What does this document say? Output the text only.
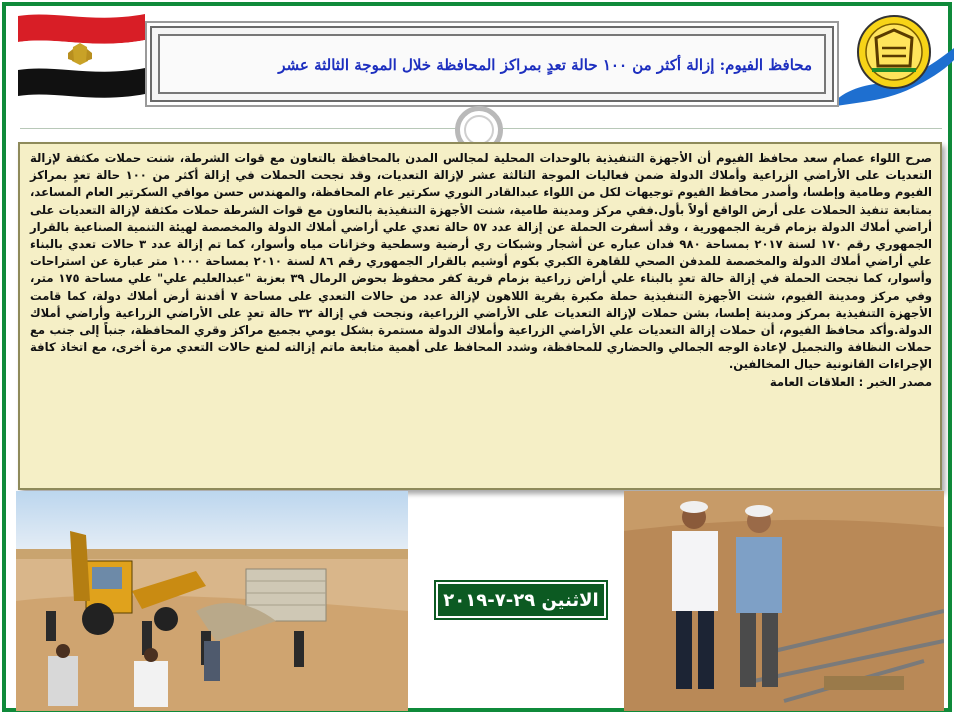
محافظ الفيوم: إزالة أكثر من ١٠٠ حالة تعدٍ بمراكز المحافظة خلال الموجة الثالثة عشر
صرح اللواء عصام سعد محافظ الفيوم أن الأجهزة التنفيذية بالوحدات المحلية لمجالس المدن بالمحافظة بالتعاون مع قوات الشرطة، شنت حملات مكثفة لإزالة التعديات على الأراضي الزراعية وأملاك الدولة ضمن فعاليات الموجة الثالثة عشر لإزالة التعديات، وقد نجحت الحملات في إزالة أكثر من ١٠٠ حالة تعدٍ بمراكز الفيوم وطامية وإطسا، وأصدر محافظ الفيوم توجيهات لكل من اللواء عبدالقادر النوري سكرتير عام المحافظة، والمهندس حسن موافي السكرتير العام المساعد، بمتابعة تنفيذ الحملات على أرض الواقع أولاً بأول.ففي مركز ومدينة طامية، شنت الأجهزة التنفيذية بالتعاون مع قوات الشرطة حملات مكثفة لإزالة التعديات على أراضي أملاك الدولة بزمام قرية الجمهورية ، وقد أسفرت الحملة عن إزالة عدد ٥٧ حالة تعدي علي أراضي أملاك الدولة والمخصصة لهيئة التنمية الصناعية بالقرار الجمهوري رقم ١٧٠ لسنة ٢٠١٧ بمساحة ٩٨٠ فدان عباره عن أشجار وشبكات ري أرضية وسطحية وخزانات مياه وأسوار، كما تم إزالة عدد ٣ حالات تعدي بالبناء علي أراضي أملاك الدولة والمخصصة للمدفن الصحي للقاهرة الكبري بكوم أوشيم بالقرار الجمهوري رقم ٨٦ لسنة ٢٠١٠ بمساحة ١٠٠٠ متر عبارة عن استراحات وأسوار، كما نجحت الحملة في إزالة حالة تعدٍ بالبناء علي أراض زراعية بزمام قرية كفر محفوظ بحوض الرمال ٣٩ بعزبة "عبدالعليم علي" علي مساحة ١٧٥ متر، وفي مركز ومدينة الفيوم، شنت الأجهزة التنفيذية حملة مكبرة بقرية اللاهون لإزالة عدد من حالات التعدي على مساحة ٧ أفدنة أرض أملاك دولة، كما قامت الأجهزة التنفيذية بمركز ومدينة إطسا، بشن حملات لإزالة التعديات على الأراضي الزراعية، ونجحت في إزالة ٣٢ حالة تعدٍ على الأراضي الزراعية وأراضي أملاك الدولة.وأكد محافظ الفيوم، أن حملات إزالة التعديات علي الأراضي الزراعية وأملاك الدولة مستمرة بشكل يومي بجميع مراكز وقري المحافظة، جنباً إلى جنب مع حملات النظافة والتجميل لإعادة الوجه الجمالي والحضاري للمحافظة، وشدد المحافظ على أهمية متابعة ماتم إزالته لمنع حالات التعدي مرة أخرى، مع اتخاذ كافة الإجراءات القانونية حيال المخالفين.
مصدر الخبر : العلاقات العامة
الاثنين ٢٩-٧-٢٠١٩
